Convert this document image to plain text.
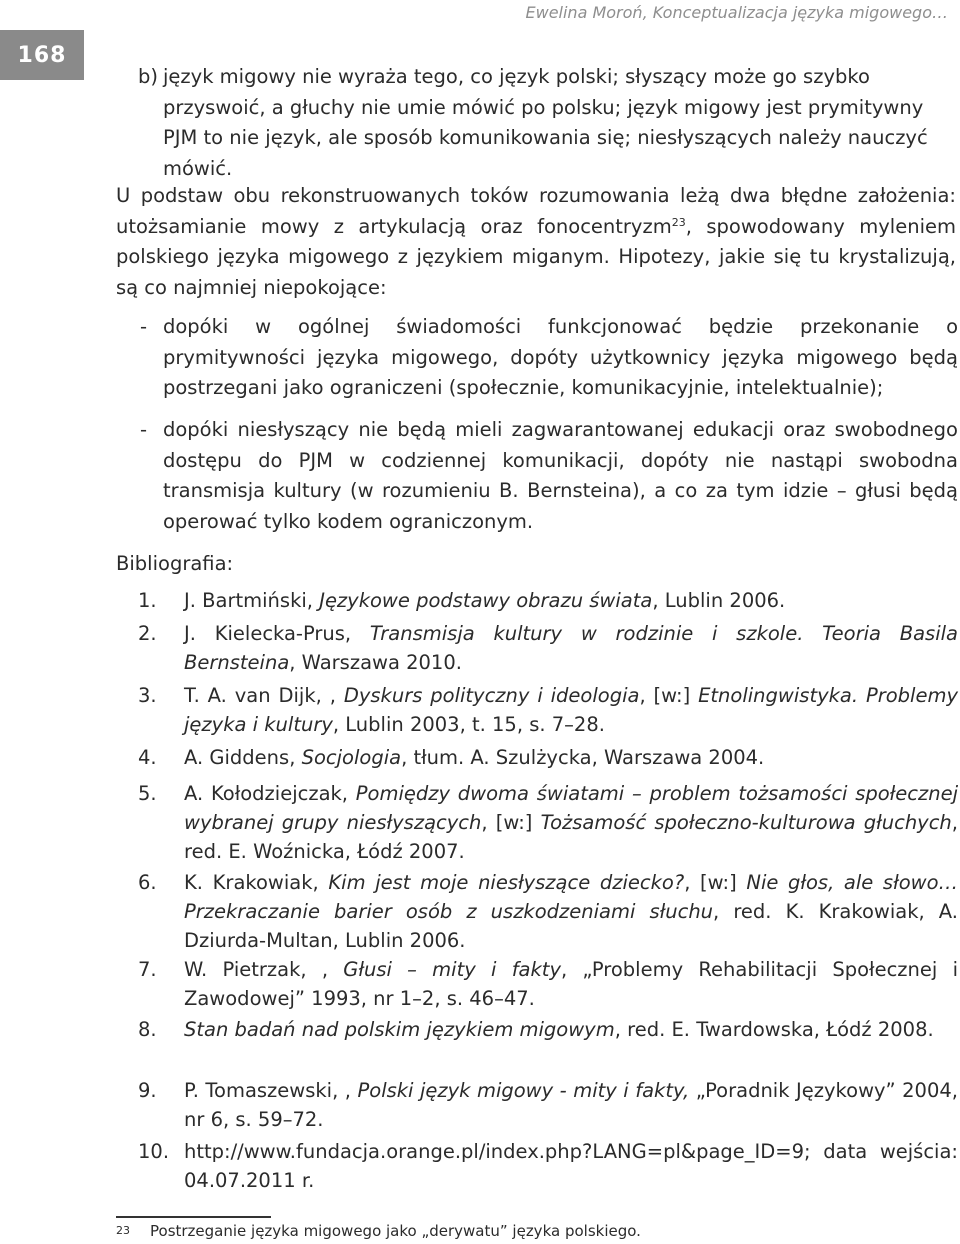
Ewelina Moroń, Konceptualizacja języka migowego…
168
b) język migowy nie wyraża tego, co język polski; słyszący może go szybko przyswoić, a głuchy nie umie mówić po polsku; język migowy jest prymitywny PJM to nie język, ale sposób komunikowania się; niesłyszących należy nauczyć mówić.
U podstaw obu rekonstruowanych toków rozumowania leżą dwa błędne założenia: utożsamianie mowy z artykulacją oraz fonocentryzm$^{23}$, spowodowany myleniem polskiego języka migowego z językiem miganym. Hipotezy, jakie się tu krystalizują, są co najmniej niepokojące:
- dopóki w ogólnej świadomości funkcjonować będzie przekonanie o prymitywności języka migowego, dopóty użytkownicy języka migowego będą postrzegani jako ograniczeni (społecznie, komunikacyjnie, intelektualnie);
- dopóki niesłyszący nie będą mieli zagwarantowanej edukacji oraz swobodnego dostępu do PJM w codziennej komunikacji, dopóty nie nastąpi swobodna transmisja kultury (w rozumieniu B. Bernsteina), a co za tym idzie – głusi będą operować tylko kodem ograniczonym.
Bibliografia:
1.	J. Bartmiński, Językowe podstawy obrazu świata, Lublin 2006.
2.	J. Kielecka-Prus, Transmisja kultury w rodzinie i szkole. Teoria Basila Bernsteina, Warszawa 2010.
3.	T. A. van Dijk, , Dyskurs polityczny i ideologia, [w:] Etnolingwistyka. Problemy języka i kultury, Lublin 2003, t. 15, s. 7–28.
4.	A. Giddens, Socjologia, tłum. A. Szulżycka, Warszawa 2004.
5.	A. Kołodziejczak, Pomiędzy dwoma światami – problem tożsamości społecznej wybranej grupy niesłyszących, [w:] Tożsamość społeczno-kulturowa głuchych, red. E. Woźnicka, Łódź 2007.
6.	K. Krakowiak, Kim jest moje niesłyszące dziecko?, [w:] Nie głos, ale słowo… Przekraczanie barier osób z uszkodzeniami słuchu, red. K. Krakowiak, A. Dziurda-Multan, Lublin 2006.
7.	W. Pietrzak, , Głusi – mity i fakty, „Problemy Rehabilitacji Społecznej i Zawodowej” 1993, nr 1–2, s. 46–47.
8.	Stan badań nad polskim językiem migowym, red. E. Twardowska, Łódź 2008.
9.	P. Tomaszewski, , Polski język migowy - mity i fakty, „Poradnik Językowy” 2004, nr 6, s. 59–72.
10. http://www.fundacja.orange.pl/index.php?LANG=pl&page_ID=9; data wejścia: 04.07.2011 r.
23	Postrzeganie języka migowego jako „derywatu” języka polskiego.
